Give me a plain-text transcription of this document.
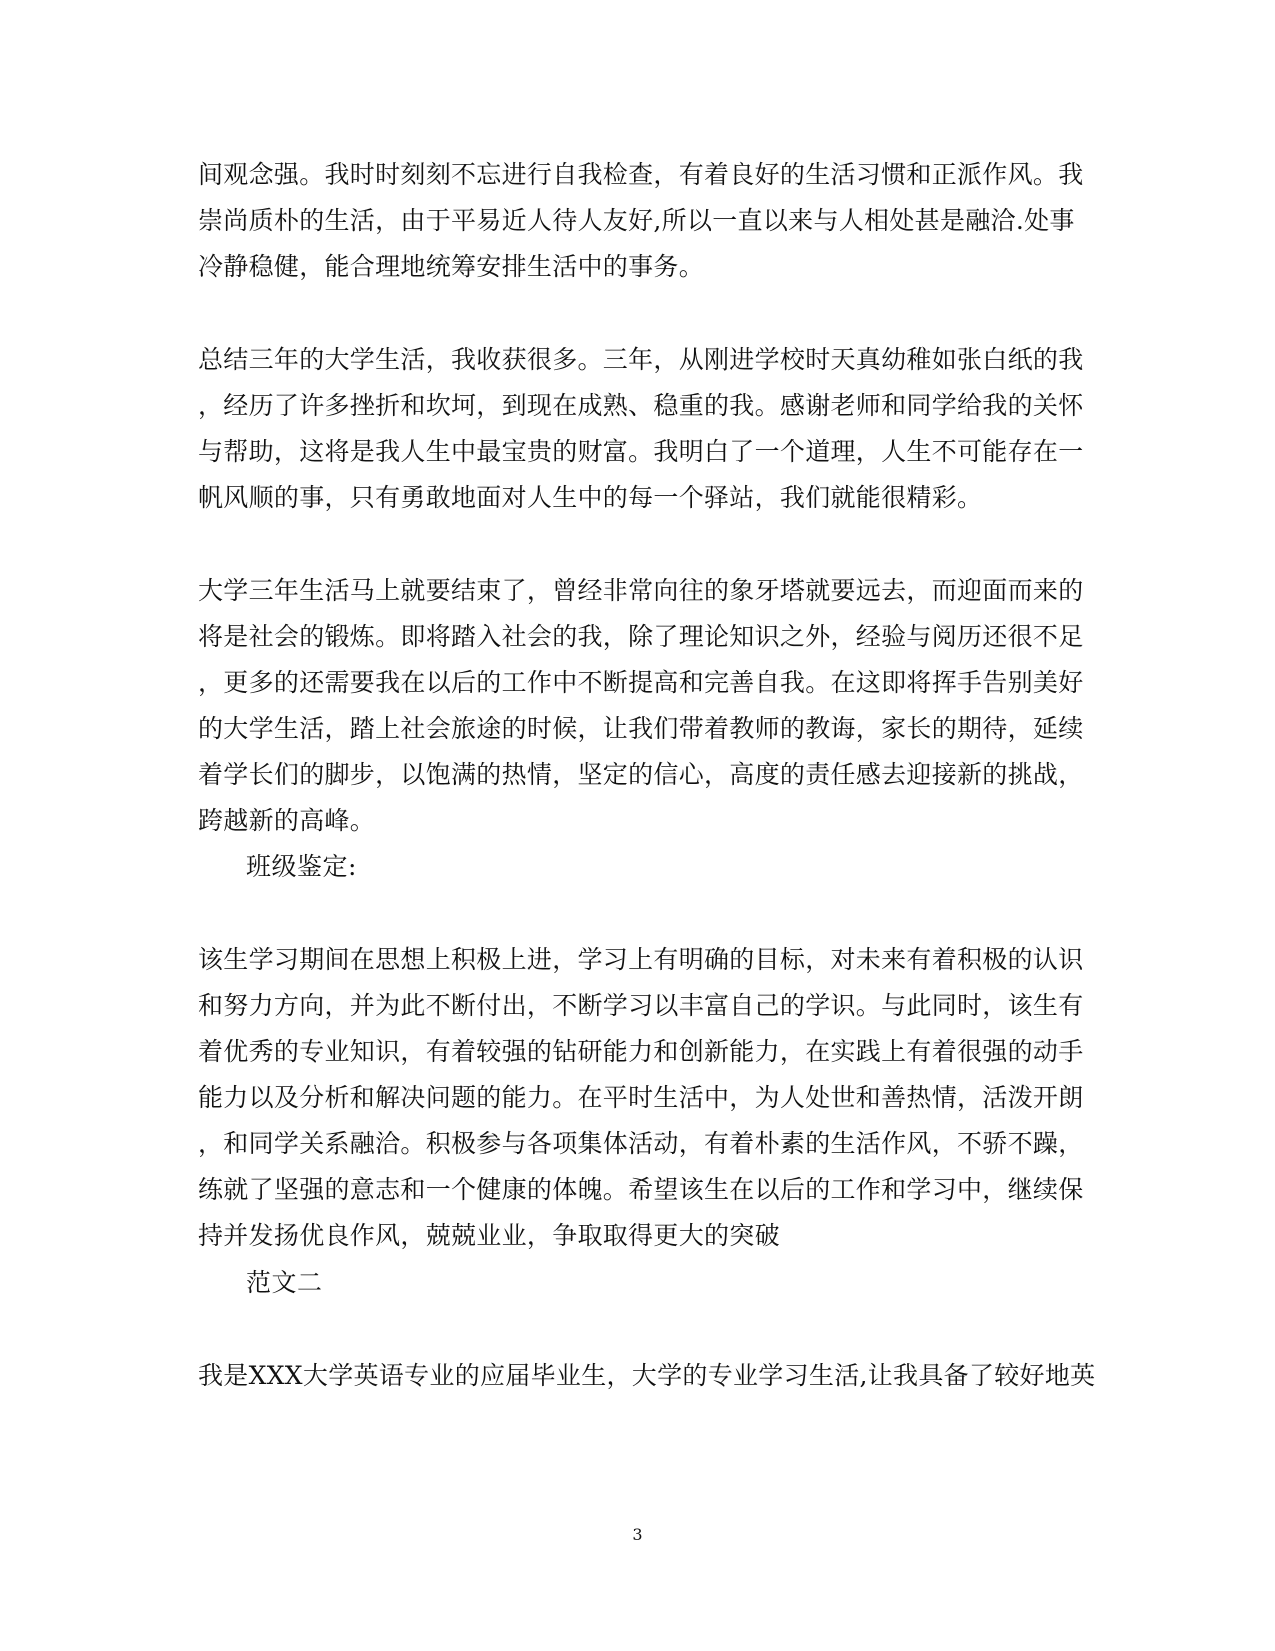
间观念强。我时时刻刻不忘进行自我检查，有着良好的生活习惯和正派作风。我
崇尚质朴的生活，由于平易近人待人友好,所以一直以来与人相处甚是融洽.处事
冷静稳健，能合理地统筹安排生活中的事务。
总结三年的大学生活，我收获很多。三年，从刚进学校时天真幼稚如张白纸的我
，经历了许多挫折和坎坷，到现在成熟、稳重的我。感谢老师和同学给我的关怀
与帮助，这将是我人生中最宝贵的财富。我明白了一个道理，人生不可能存在一
帆风顺的事，只有勇敢地面对人生中的每一个驿站，我们就能很精彩。
大学三年生活马上就要结束了，曾经非常向往的象牙塔就要远去，而迎面而来的
将是社会的锻炼。即将踏入社会的我，除了理论知识之外，经验与阅历还很不足
，更多的还需要我在以后的工作中不断提高和完善自我。在这即将挥手告别美好
的大学生活，踏上社会旅途的时候，让我们带着教师的教诲，家长的期待，延续
着学长们的脚步，以饱满的热情，坚定的信心，高度的责任感去迎接新的挑战，
跨越新的高峰。
班级鉴定:
该生学习期间在思想上积极上进，学习上有明确的目标，对未来有着积极的认识
和努力方向，并为此不断付出，不断学习以丰富自己的学识。与此同时，该生有
着优秀的专业知识，有着较强的钻研能力和创新能力，在实践上有着很强的动手
能力以及分析和解决问题的能力。在平时生活中，为人处世和善热情，活泼开朗
，和同学关系融洽。积极参与各项集体活动，有着朴素的生活作风，不骄不躁，
练就了坚强的意志和一个健康的体魄。希望该生在以后的工作和学习中，继续保
持并发扬优良作风，兢兢业业，争取取得更大的突破
范文二
我是XXX大学英语专业的应届毕业生，大学的专业学习生活,让我具备了较好地英
3
